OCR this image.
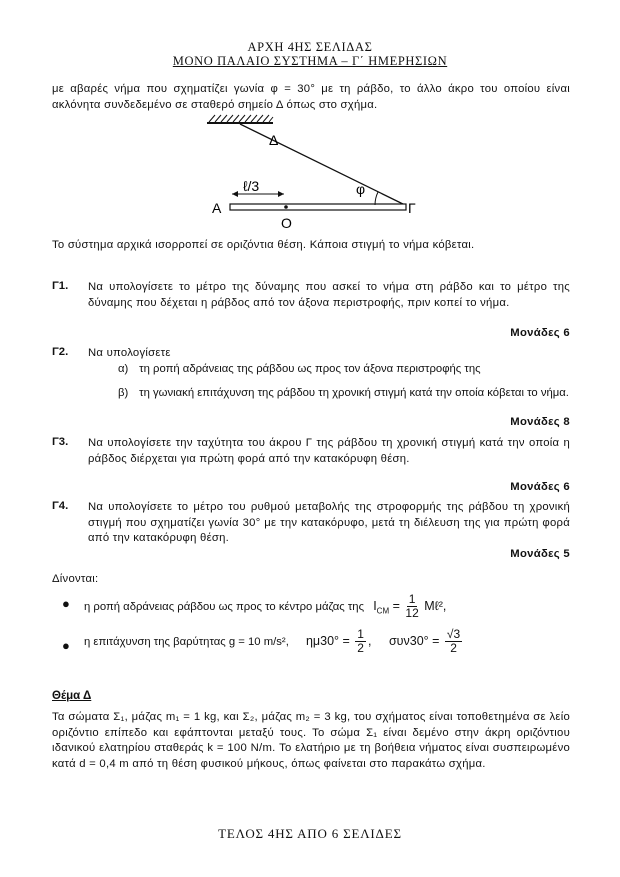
ΑΡΧΗ 4ΗΣ ΣΕΛΙΔΑΣ
ΜΟΝΟ ΠΑΛΑΙΟ ΣΥΣΤΗΜΑ – Γ΄ ΗΜΕΡΗΣΙΩΝ
με αβαρές νήμα που σχηματίζει γωνία φ = 30° με τη ράβδο, το άλλο άκρο του οποίου είναι ακλόνητα συνδεδεμένο σε σταθερό σημείο Δ όπως στο σχήμα.
Δ
φ
Α	Γ
Ο
ℓ/3
Το σύστημα αρχικά ισορροπεί σε οριζόντια θέση. Κάποια στιγμή το νήμα κόβεται.
Γ1. Να υπολογίσετε το μέτρο της δύναμης που ασκεί το νήμα στη ράβδο και το μέτρο της δύναμης που δέχεται η ράβδος από τον άξονα περιστροφής, πριν κοπεί το νήμα.
Μονάδες 6
Γ2. Να υπολογίσετε
α) τη ροπή αδράνειας της ράβδου ως προς τον άξονα περιστροφής της
β) τη γωνιακή επιτάχυνση της ράβδου τη χρονική στιγμή κατά την οποία κόβεται το νήμα.
Μονάδες 8
Γ3. Να υπολογίσετε την ταχύτητα του άκρου Γ της ράβδου τη χρονική στιγμή κατά την οποία η ράβδος διέρχεται για πρώτη φορά από την κατακόρυφη θέση.
Μονάδες 6
Γ4. Να υπολογίσετε το μέτρο του ρυθμού μεταβολής της στροφορμής της ράβδου τη χρονική στιγμή που σχηματίζει γωνία 30° με την κατακόρυφο, μετά τη διέλευση της για πρώτη φορά από την κατακόρυφη θέση.
Μονάδες 5
Δίνονται:
● η ροπή αδράνειας ράβδου ως προς το κέντρο μάζας της $I_{CM} = \frac{1}{12}$ Mℓ²,
● η επιτάχυνση της βαρύτητας g = 10 m/s², $\eta\mu 30^\circ = \frac{1}{2}$ , $\sigma\upsilon\nu 30^\circ = \frac{√3}{2}$
Θέμα Δ
Τα σώματα Σ₁, μάζας m₁ = 1 kg, και Σ₂, μάζας m₂ = 3 kg, του σχήματος είναι τοποθετημένα σε λείο οριζόντιο επίπεδο και εφάπτονται μεταξύ τους. Το σώμα Σ₁ είναι δεμένο στην άκρη οριζόντιου ιδανικού ελατηρίου σταθεράς k = 100 N/m. Το ελατήριο με τη βοήθεια νήματος είναι συσπειρωμένο κατά d = 0,4 m από τη θέση φυσικού μήκους, όπως φαίνεται στο παρακάτω σχήμα.
ΤΕΛΟΣ 4ΗΣ ΑΠΟ 6 ΣΕΛΙΔΕΣ
